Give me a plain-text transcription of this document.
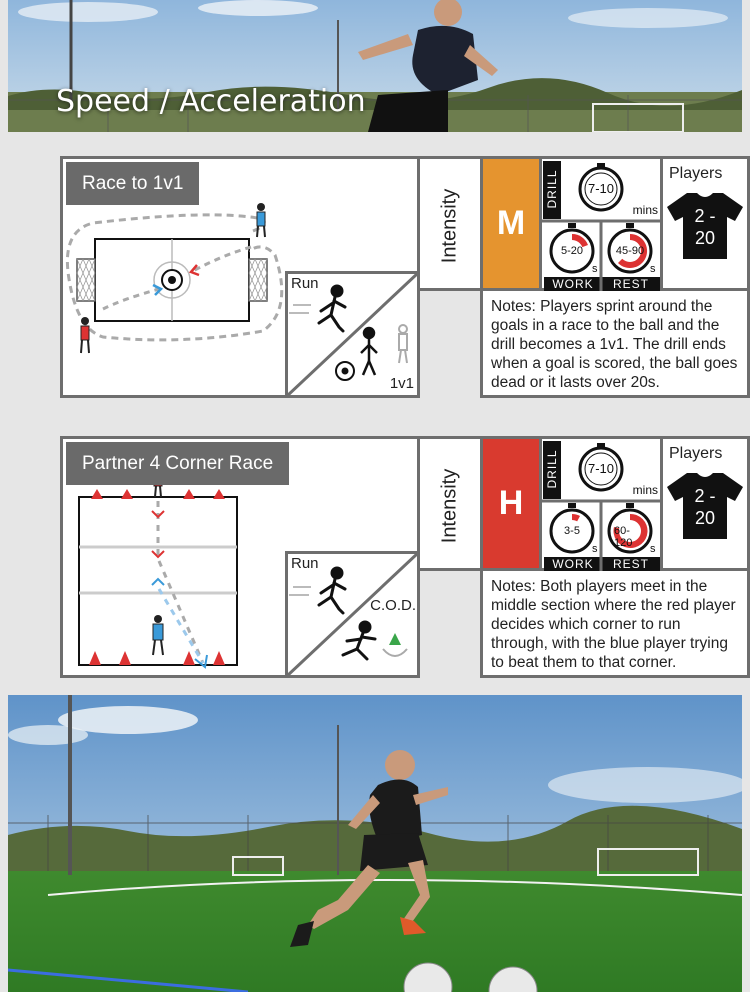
Speed / Acceleration
Race to 1v1
Run
1v1
Intensity	M
DRILL 7-10
mins
5-20
s
45-90
s
WORK	REST
Players
2 -
20
Notes: Players sprint around the goals in a race to the ball and the drill becomes a 1v1. The drill ends when a goal is scored, the ball goes dead or it lasts over 20s.
Partner 4 Corner Race
Run
C.O.D.
Intensity	H
DRILL 7-10
mins
3-5
s
60-120	s
WORK	REST
Players
2 -
20
Notes: Both players meet in the middle section where the red player decides which corner to run through, with the blue player trying to beat them to that corner.
